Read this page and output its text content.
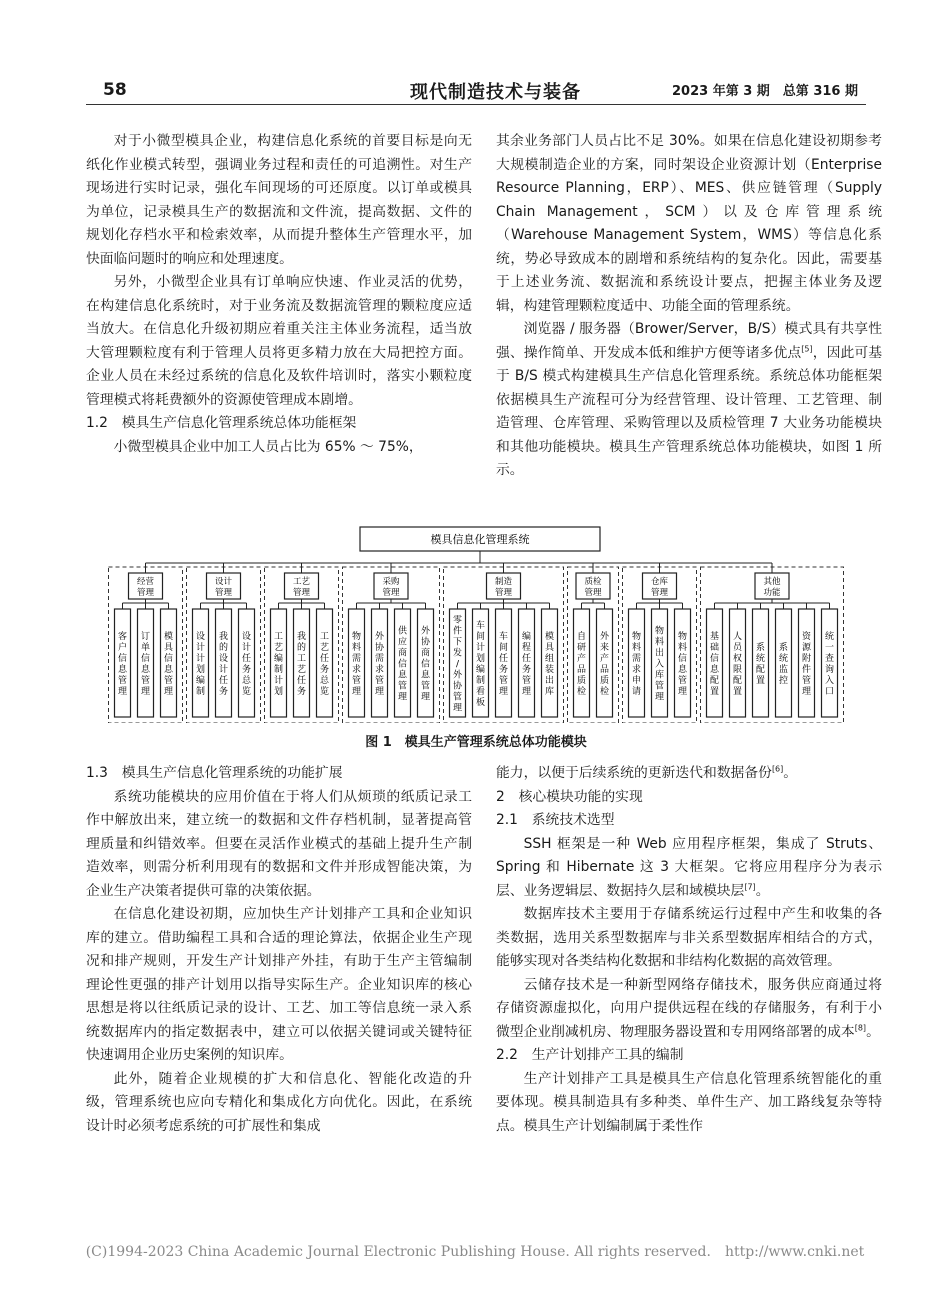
58	现代制造技术与装备	2023 年第 3 期　总第 316 期

对于小微型模具企业，构建信息化系统的首要目标是向无纸化作业模式转型，强调业务过程和责任的可追溯性。对生产现场进行实时记录，强化车间现场的可还原度。以订单或模具为单位，记录模具生产的数据流和文件流，提高数据、文件的规划化存档水平和检索效率，从而提升整体生产管理水平，加快面临问题时的响应和处理速度。

另外，小微型企业具有订单响应快速、作业灵活的优势，在构建信息化系统时，对于业务流及数据流管理的颗粒度应适当放大。在信息化升级初期应着重关注主体业务流程，适当放大管理颗粒度有利于管理人员将更多精力放在大局把控方面。企业人员在未经过系统的信息化及软件培训时，落实小颗粒度管理模式将耗费额外的资源使管理成本剧增。

1.2　模具生产信息化管理系统总体功能框架

小微型模具企业中加工人员占比为 65% ～ 75%，

其余业务部门人员占比不足 30%。如果在信息化建设初期参考大规模制造企业的方案，同时架设企业资源计划（Enterprise Resource Planning，ERP）、MES、供应链管理（Supply Chain Management，SCM）以及仓库管理系统（Warehouse Management System，WMS）等信息化系统，势必导致成本的剧增和系统结构的复杂化。因此，需要基于上述业务流、数据流和系统设计要点，把握主体业务及逻辑，构建管理颗粒度适中、功能全面的管理系统。

浏览器 / 服务器（Brower/Server，B/S）模式具有共享性强、操作简单、开发成本低和维护方便等诸多优点[5]，因此可基于 B/S 模式构建模具生产信息化管理系统。系统总体功能框架依据模具生产流程可分为经营管理、设计管理、工艺管理、制造管理、仓库管理、采购管理以及质检管理 7 大业务功能模块和其他功能模块。模具生产管理系统总体功能模块，如图 1 所示。

模具信息化管理系统
经营
管理
客
户
信
息
管
理
订
单
信
息
管
理
模
具
信
息
管
理
设计
管理
设
计
计
划
编
制
我
的
设
计
任
务
设
计
任
务
总
览
工艺
管理
工
艺
编
制
计
划
我
的
工
艺
任
务
工
艺
任
务
总
览
采购
管理
物
料
需
求
管
理
外
协
需
求
管
理
供
应
商
信
息
管
理
外
协
商
信
息
管
理
制造
管理
零
件
下
发
/
外
协
管
理
车
间
计
划
编
制
看
板
车
间
任
务
管
理
编
程
任
务
管
理
模
具
组
装
出
库
质检
管理
自
研
产
品
质
检
外
来
产
品
质
检
仓库
管理
物
料
需
求
申
请
物
料
出
入
库
管
理
物
料
信
息
管
理
其他
功能
基
础
信
息
配
置
人
员
权
限
配
置
系
统
配
置
系
统
监
控
资
源
附
件
管
理
统
一
查
询
入
口
图 1　模具生产管理系统总体功能模块

1.3　模具生产信息化管理系统的功能扩展

系统功能模块的应用价值在于将人们从烦琐的纸质记录工作中解放出来，建立统一的数据和文件存档机制，显著提高管理质量和纠错效率。但要在灵活作业模式的基础上提升生产制造效率，则需分析利用现有的数据和文件并形成智能决策，为企业生产决策者提供可靠的决策依据。

在信息化建设初期，应加快生产计划排产工具和企业知识库的建立。借助编程工具和合适的理论算法，依据企业生产现况和排产规则，开发生产计划排产外挂，有助于生产主管编制理论性更强的排产计划用以指导实际生产。企业知识库的核心思想是将以往纸质记录的设计、工艺、加工等信息统一录入系统数据库内的指定数据表中，建立可以依据关键词或关键特征快速调用企业历史案例的知识库。

此外，随着企业规模的扩大和信息化、智能化改造的升级，管理系统也应向专精化和集成化方向优化。因此，在系统设计时必须考虑系统的可扩展性和集成

能力，以便于后续系统的更新迭代和数据备份[6]。

2　核心模块功能的实现

2.1　系统技术选型

SSH 框架是一种 Web 应用程序框架，集成了 Struts、Spring 和 Hibernate 这 3 大框架。它将应用程序分为表示层、业务逻辑层、数据持久层和域模块层[7]。

数据库技术主要用于存储系统运行过程中产生和收集的各类数据，选用关系型数据库与非关系型数据库相结合的方式，能够实现对各类结构化数据和非结构化数据的高效管理。

云储存技术是一种新型网络存储技术，服务供应商通过将存储资源虚拟化，向用户提供远程在线的存储服务，有利于小微型企业削减机房、物理服务器设置和专用网络部署的成本[8]。

2.2　生产计划排产工具的编制

生产计划排产工具是模具生产信息化管理系统智能化的重要体现。模具制造具有多种类、单件生产、加工路线复杂等特点。模具生产计划编制属于柔性作

(C)1994-2023 China Academic Journal Electronic Publishing House. All rights reserved.　http://www.cnki.net
